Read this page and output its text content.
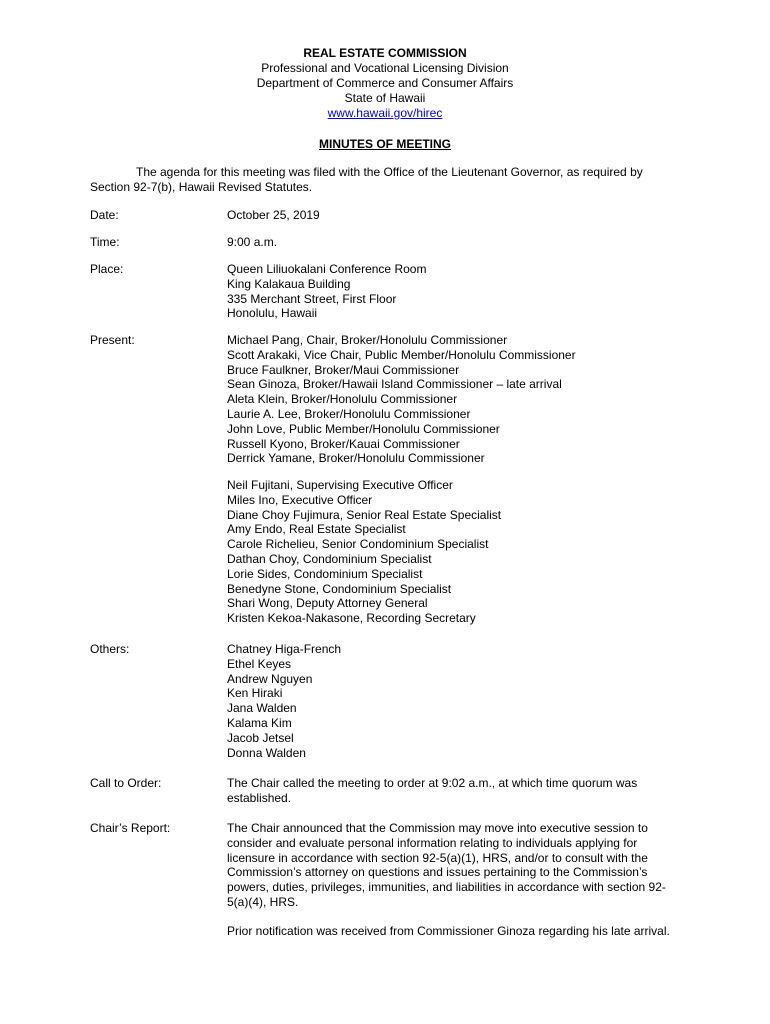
REAL ESTATE COMMISSION
Professional and Vocational Licensing Division
Department of Commerce and Consumer Affairs
State of Hawaii
www.hawaii.gov/hirec
MINUTES OF MEETING
The agenda for this meeting was filed with the Office of the Lieutenant Governor, as required by Section 92-7(b), Hawaii Revised Statutes.
Date:	October 25, 2019
Time:	9:00 a.m.
Place:	Queen Liliuokalani Conference Room
King Kalakaua Building
335 Merchant Street, First Floor
Honolulu, Hawaii
Present:	Michael Pang, Chair, Broker/Honolulu Commissioner
Scott Arakaki, Vice Chair, Public Member/Honolulu Commissioner
Bruce Faulkner, Broker/Maui Commissioner
Sean Ginoza, Broker/Hawaii Island Commissioner – late arrival
Aleta Klein, Broker/Honolulu Commissioner
Laurie A. Lee, Broker/Honolulu Commissioner
John Love, Public Member/Honolulu Commissioner
Russell Kyono, Broker/Kauai Commissioner
Derrick Yamane, Broker/Honolulu Commissioner
Neil Fujitani, Supervising Executive Officer
Miles Ino, Executive Officer
Diane Choy Fujimura, Senior Real Estate Specialist
Amy Endo, Real Estate Specialist
Carole Richelieu, Senior Condominium Specialist
Dathan Choy, Condominium Specialist
Lorie Sides, Condominium Specialist
Benedyne Stone, Condominium Specialist
Shari Wong, Deputy Attorney General
Kristen Kekoa-Nakasone, Recording Secretary
Others:	Chatney Higa-French
Ethel Keyes
Andrew Nguyen
Ken Hiraki
Jana Walden
Kalama Kim
Jacob Jetsel
Donna Walden
Call to Order:	The Chair called the meeting to order at 9:02 a.m., at which time quorum was established.
Chair’s Report:	The Chair announced that the Commission may move into executive session to consider and evaluate personal information relating to individuals applying for licensure in accordance with section 92-5(a)(1), HRS, and/or to consult with the Commission’s attorney on questions and issues pertaining to the Commission’s powers, duties, privileges, immunities, and liabilities in accordance with section 92-5(a)(4), HRS.
Prior notification was received from Commissioner Ginoza regarding his late arrival.
